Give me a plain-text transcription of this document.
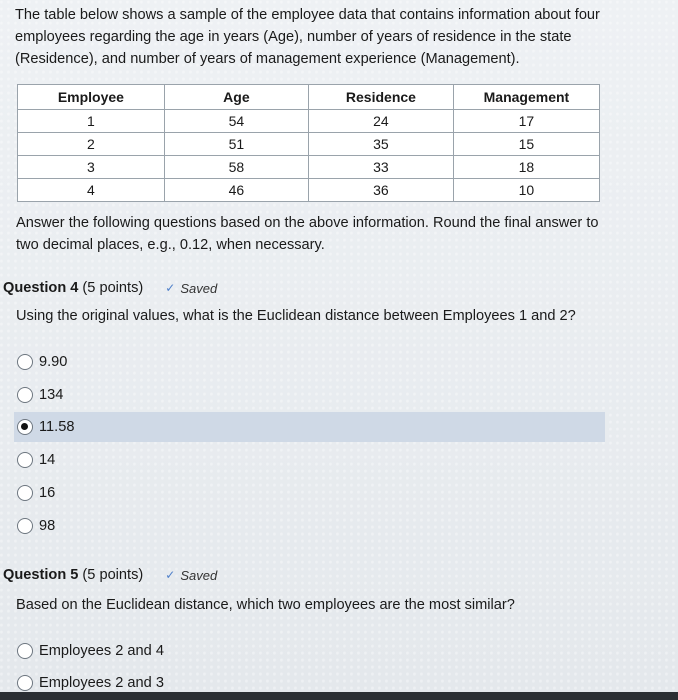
The table below shows a sample of the employee data that contains information about four employees regarding the age in years (Age), number of years of residence in the state (Residence), and number of years of management experience (Management).

Employee	Age	Residence	Management
1	54	24	17
2	51	35	15
3	58	33	18
4	46	36	10

Answer the following questions based on the above information. Round the final answer to two decimal places, e.g., 0.12, when necessary.

Question 4 (5 points) ✓ Saved
Using the original values, what is the Euclidean distance between Employees 1 and 2?
9.90
134
11.58
14
16
98
Question 5 (5 points) ✓ Saved
Based on the Euclidean distance, which two employees are the most similar?
Employees 2 and 4
Employees 2 and 3
